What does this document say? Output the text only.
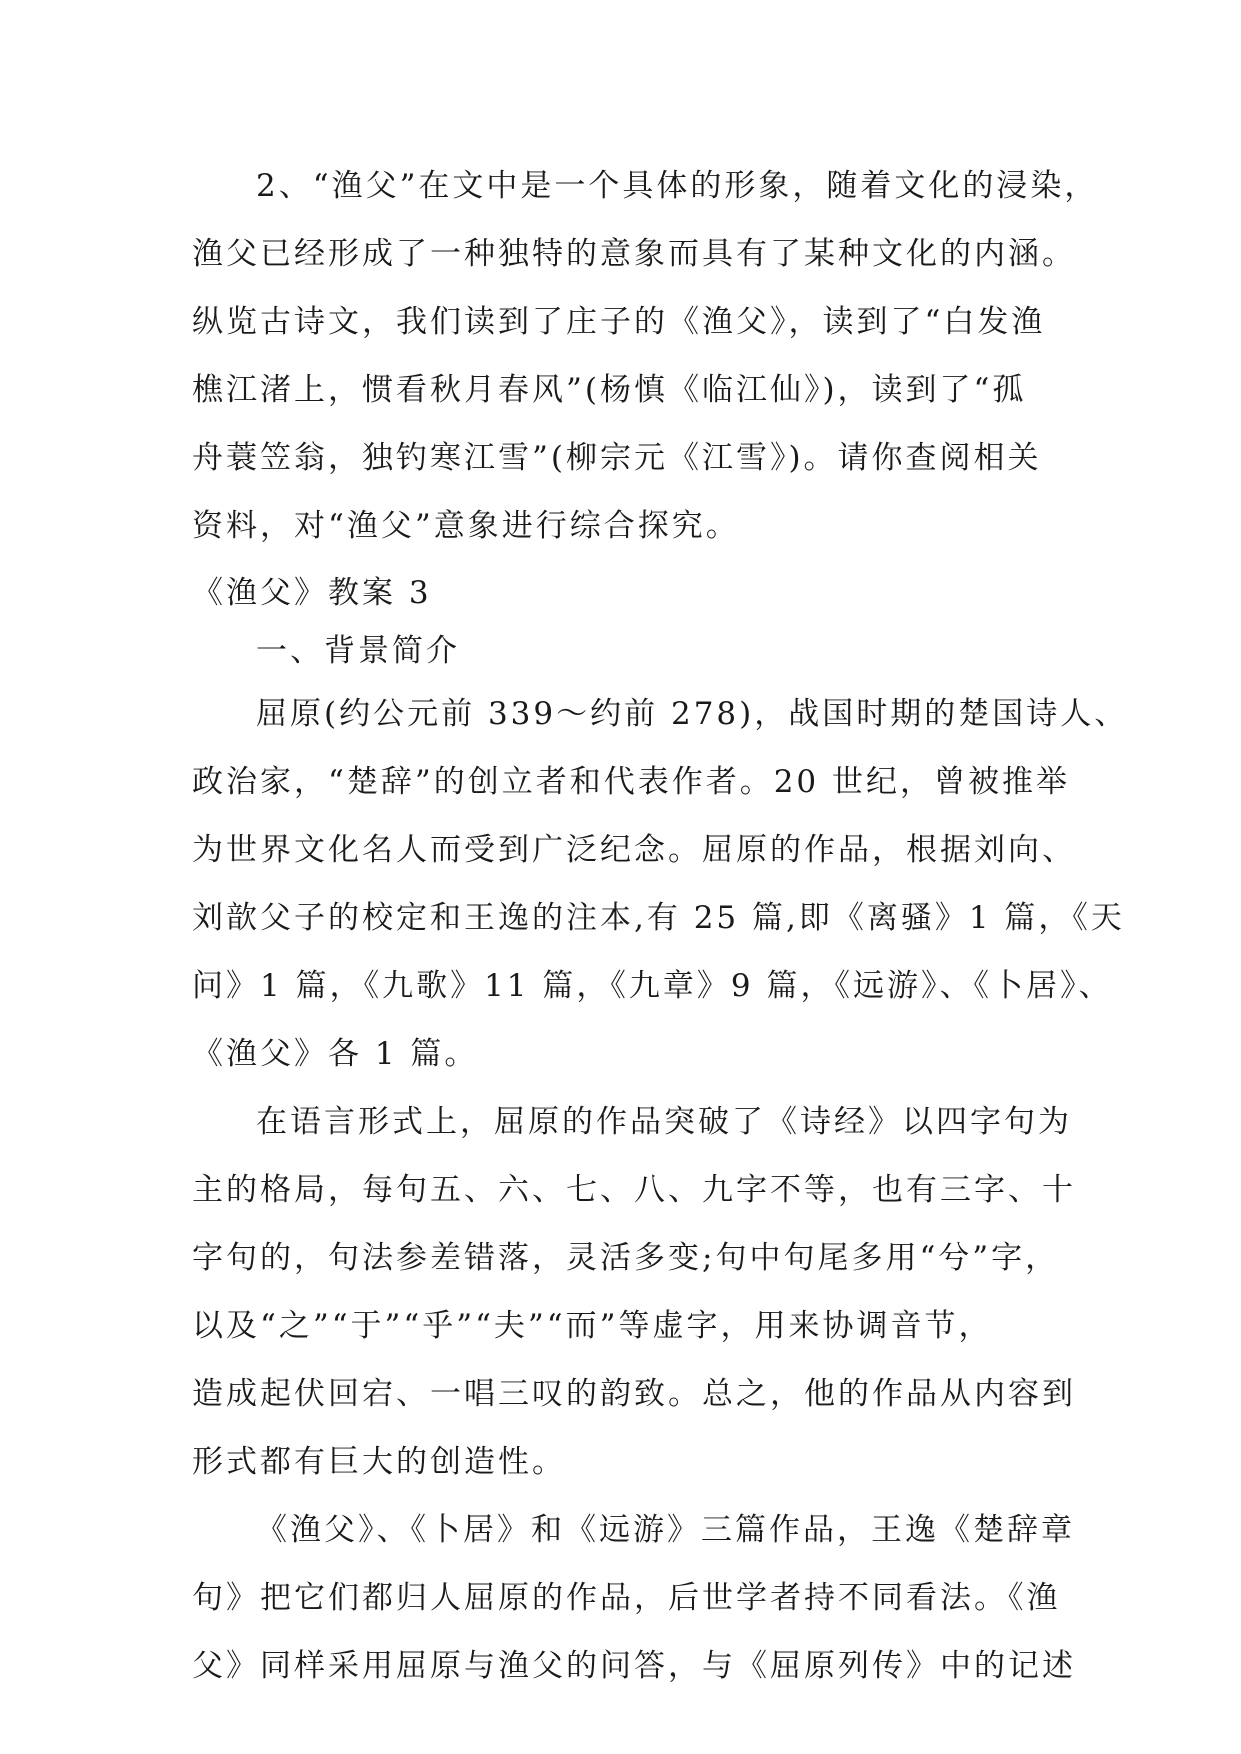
2、“渔父”在文中是一个具体的形象，随着文化的浸染，
渔父已经形成了一种独特的意象而具有了某种文化的内涵。
纵览古诗文，我们读到了庄子的《渔父》，读到了“白发渔
樵江渚上，惯看秋月春风”(杨慎《临江仙》)，读到了“孤
舟蓑笠翁，独钓寒江雪”(柳宗元《江雪》)。请你查阅相关
资料，对“渔父”意象进行综合探究。
《渔父》教案 3
一、背景简介
屈原(约公元前 339～约前 278)，战国时期的楚国诗人、
政治家，“楚辞”的创立者和代表作者。20 世纪，曾被推举
为世界文化名人而受到广泛纪念。屈原的作品，根据刘向、
刘歆父子的校定和王逸的注本,有 25 篇,即《离骚》1 篇，《天
问》1 篇，《九歌》11 篇，《九章》9 篇，《远游》、《卜居》、
《渔父》各 1 篇。
在语言形式上，屈原的作品突破了《诗经》以四字句为
主的格局，每句五、六、七、八、九字不等，也有三字、十
字句的，句法参差错落，灵活多变;句中句尾多用“兮”字，
以及“之”“于”“乎”“夫”“而”等虚字，用来协调音节，
造成起伏回宕、一唱三叹的韵致。总之，他的作品从内容到
形式都有巨大的创造性。
《渔父》、《卜居》和《远游》三篇作品，王逸《楚辞章
句》把它们都归人屈原的作品，后世学者持不同看法。《渔
父》同样采用屈原与渔父的问答，与《屈原列传》中的记述
